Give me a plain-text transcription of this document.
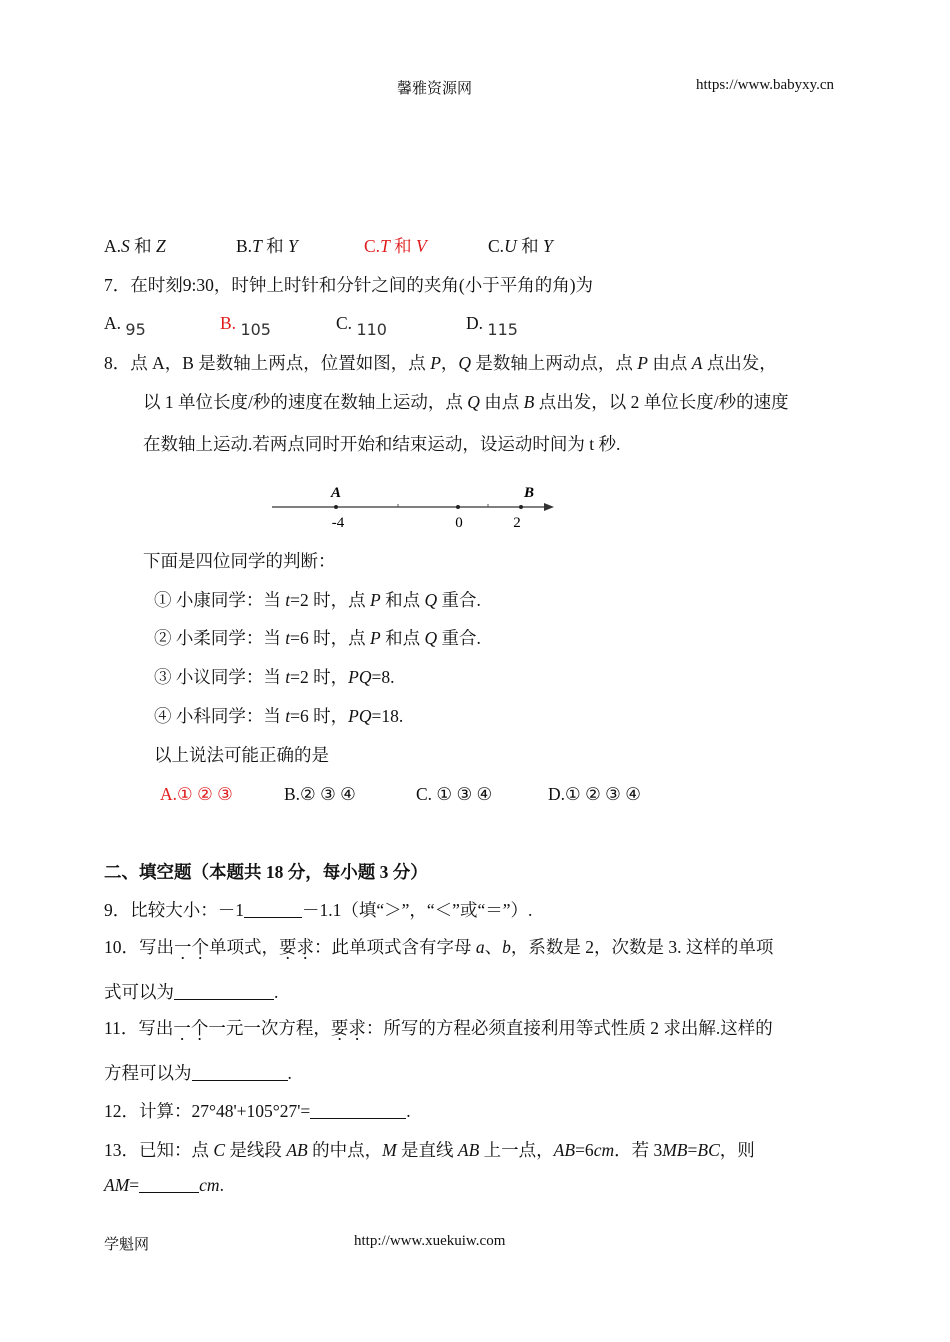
馨雅资源网	https://www.babyxy.cn
A.S 和 Z	B.T 和 Y	C.T 和 V	C.U 和 Y
7．在时刻9:30，时钟上时针和分针之间的夹角(小于平角的角)为
A. 95	B. 105	C. 110	D. 115
8．点 A，B 是数轴上两点，位置如图，点 P，Q 是数轴上两动点，点 P 由点 A 点出发，
以 1 单位长度/秒的速度在数轴上运动，点 Q 由点 B 点出发，以 2 单位长度/秒的速度
在数轴上运动.若两点同时开始和结束运动，设运动时间为 t 秒.
A	B
-4	0	2
下面是四位同学的判断：
① 小康同学：当 t=2 时，点 P 和点 Q 重合.
② 小柔同学：当 t=6 时，点 P 和点 Q 重合.
③ 小议同学：当 t=2 时，PQ=8.
④ 小科同学：当 t=6 时，PQ=18.
以上说法可能正确的是
A.① ② ③	B.② ③ ④	C. ① ③ ④	D.① ② ③ ④
二、填空题（本题共 18 分，每小题 3 分）
9．比较大小：－1	－1.1（填“＞”，“＜”或“＝”）.
10．写出一个单项式，要求：此单项式含有字母 a、b，系数是 2，次数是 3. 这样的单项
式可以为	.
11．写出一个一元一次方程，要求：所写的方程必须直接利用等式性质 2 求出解.这样的
方程可以为	.
12．计算：27°48'+105°27'=	.
13．已知：点 C 是线段 AB 的中点，M 是直线 AB 上一点，AB=6cm．若 3MB=BC，则
AM=	cm.
学魁网	http://www.xuekuiw.com
